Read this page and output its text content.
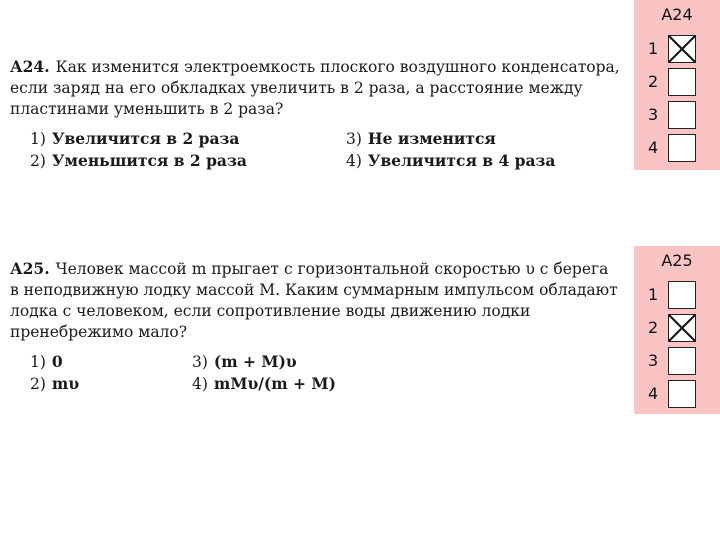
А24. Как изменится электроемкость плоского воздушного конденсатора, если заряд на его обкладках увеличить в 2 раза, а расстояние между пластинами уменьшить в 2 раза?
1) Увеличится в 2 раза
2) Уменьшится в 2 раза
3) Не изменится
4) Увеличится в 4 раза
А25. Человек массой m прыгает с горизонтальной скоростью υ с берега в неподвижную лодку массой M. Каким суммарным импульсом обладают лодка с человеком, если сопротивление воды движению лодки пренебрежимо мало?
1) 0
2) mυ
3) (m + M)υ
4) mMυ/(m + M)
A24
1
2
3
4
A25
1
2
3
4
